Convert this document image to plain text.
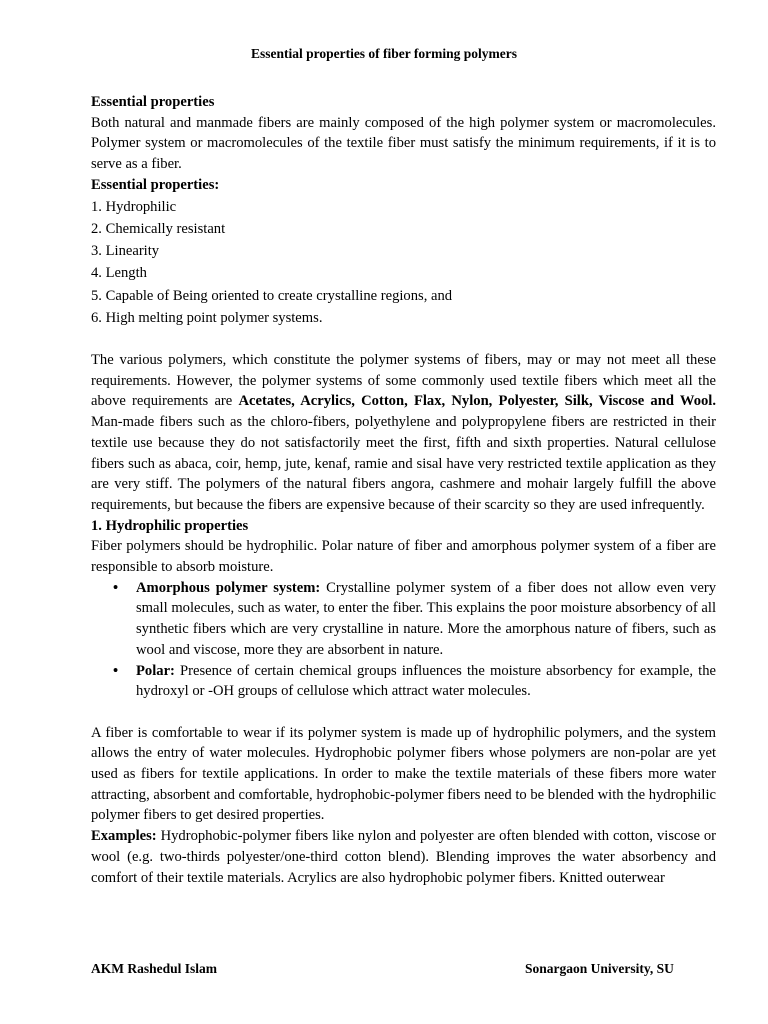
Essential properties of fiber forming polymers

Essential properties

Both natural and manmade fibers are mainly composed of the high polymer system or macromolecules. Polymer system or macromolecules of the textile fiber must satisfy the minimum requirements, if it is to serve as a fiber.

Essential properties:

1. Hydrophilic

2. Chemically resistant

3. Linearity

4. Length

5. Capable of Being oriented to create crystalline regions, and

6. High melting point polymer systems.

The various polymers, which constitute the polymer systems of fibers, may or may not meet all these requirements. However, the polymer systems of some commonly used textile fibers which meet all the above requirements are Acetates, Acrylics, Cotton, Flax, Nylon, Polyester, Silk, Viscose and Wool. Man-made fibers such as the chloro-fibers, polyethylene and polypropylene fibers are restricted in their textile use because they do not satisfactorily meet the first, fifth and sixth properties. Natural cellulose fibers such as abaca, coir, hemp, jute, kenaf, ramie and sisal have very restricted textile application as they are very stiff. The polymers of the natural fibers angora, cashmere and mohair largely fulfill the above requirements, but because the fibers are expensive because of their scarcity so they are used infrequently.

1. Hydrophilic properties

Fiber polymers should be hydrophilic. Polar nature of fiber and amorphous polymer system of a fiber are responsible to absorb moisture.

• Amorphous polymer system: Crystalline polymer system of a fiber does not allow even very small molecules, such as water, to enter the fiber. This explains the poor moisture absorbency of all synthetic fibers which are very crystalline in nature. More the amorphous nature of fibers, such as wool and viscose, more they are absorbent in nature.
• Polar: Presence of certain chemical groups influences the moisture absorbency for example, the hydroxyl or -OH groups of cellulose which attract water molecules.

A fiber is comfortable to wear if its polymer system is made up of hydrophilic polymers, and the system allows the entry of water molecules. Hydrophobic polymer fibers whose polymers are non-polar are yet used as fibers for textile applications. In order to make the textile materials of these fibers more water attracting, absorbent and comfortable, hydrophobic-polymer fibers need to be blended with the hydrophilic polymer fibers to get desired properties.

Examples: Hydrophobic-polymer fibers like nylon and polyester are often blended with cotton, viscose or wool (e.g. two-thirds polyester/one-third cotton blend). Blending improves the water absorbency and comfort of their textile materials. Acrylics are also hydrophobic polymer fibers. Knitted outerwear

AKM Rashedul Islam	Sonargaon University, SU
